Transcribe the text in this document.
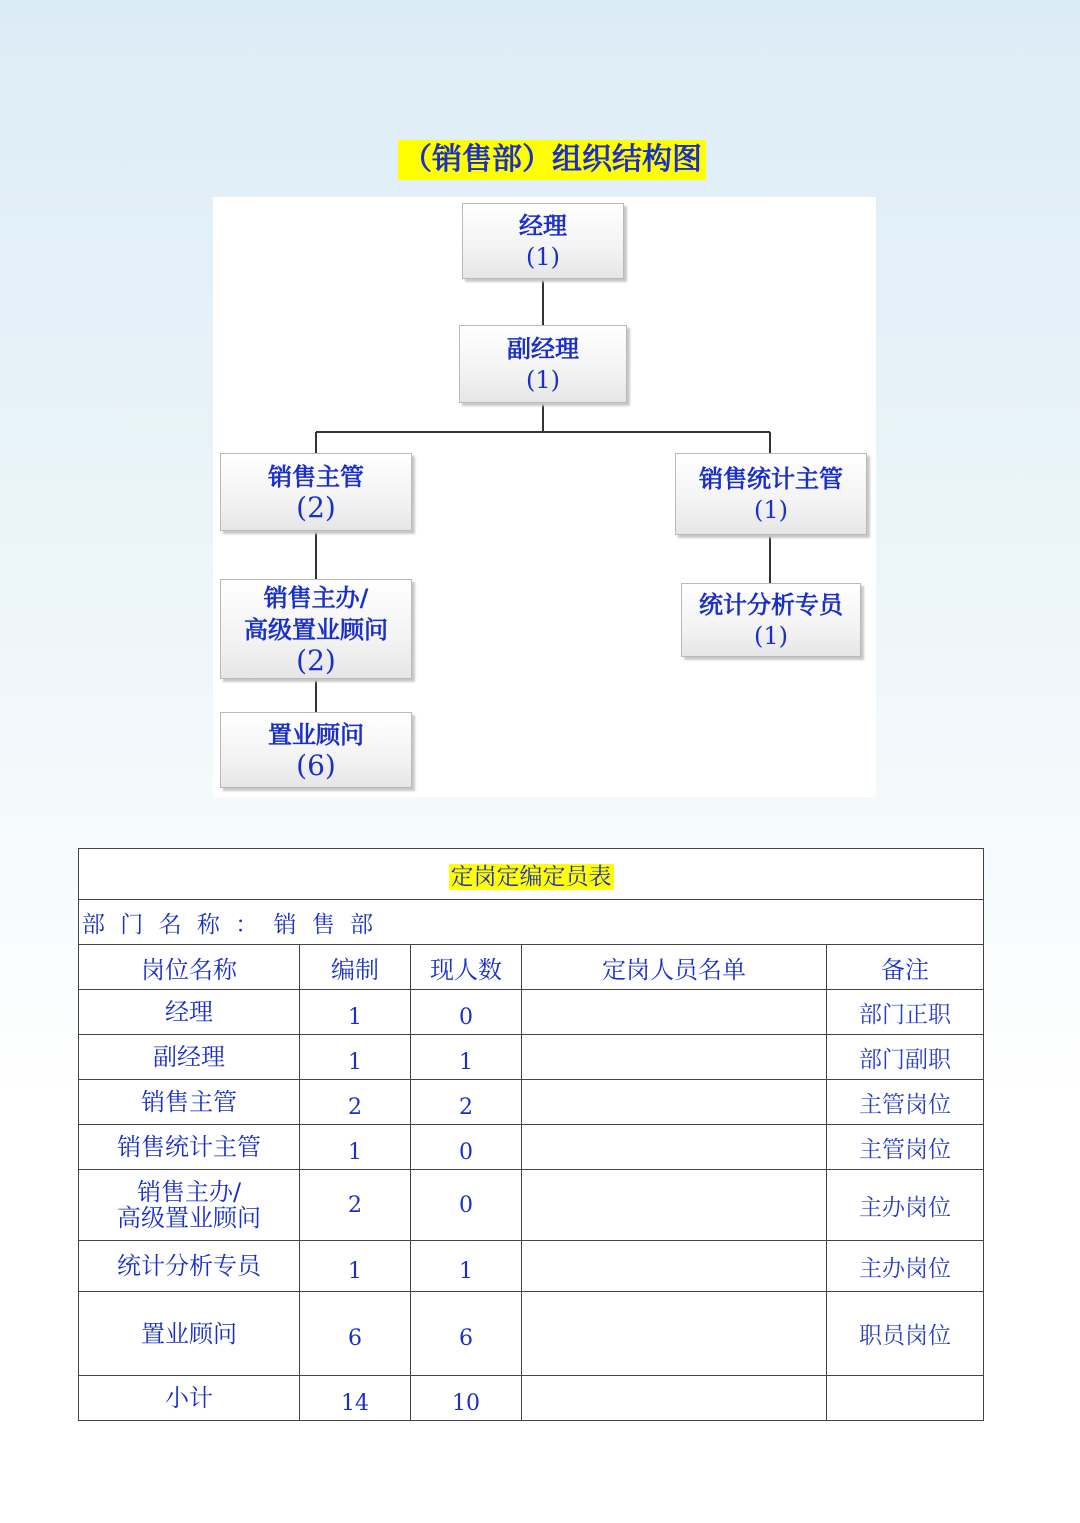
（销售部）组织结构图
经理
(1)
副经理
(1)
销售主管
(2)
销售统计主管
(1)
销售主办/
高级置业顾问
(2)
统计分析专员
(1)
置业顾问
(6)
定岗定编定员表				
部 门 名 称 ： 销 售 部				
岗位名称	编制	现人数	定岗人员名单	备注
经理	1	0		部门正职
副经理	1	1		部门副职
销售主管	2	2		主管岗位
销售统计主管	1	0		主管岗位

销售主办/
高级置业顾问	2	0		主办岗位
统计分析专员	1	1		主办岗位
置业顾问	6	6		职员岗位
小计	14	10		
